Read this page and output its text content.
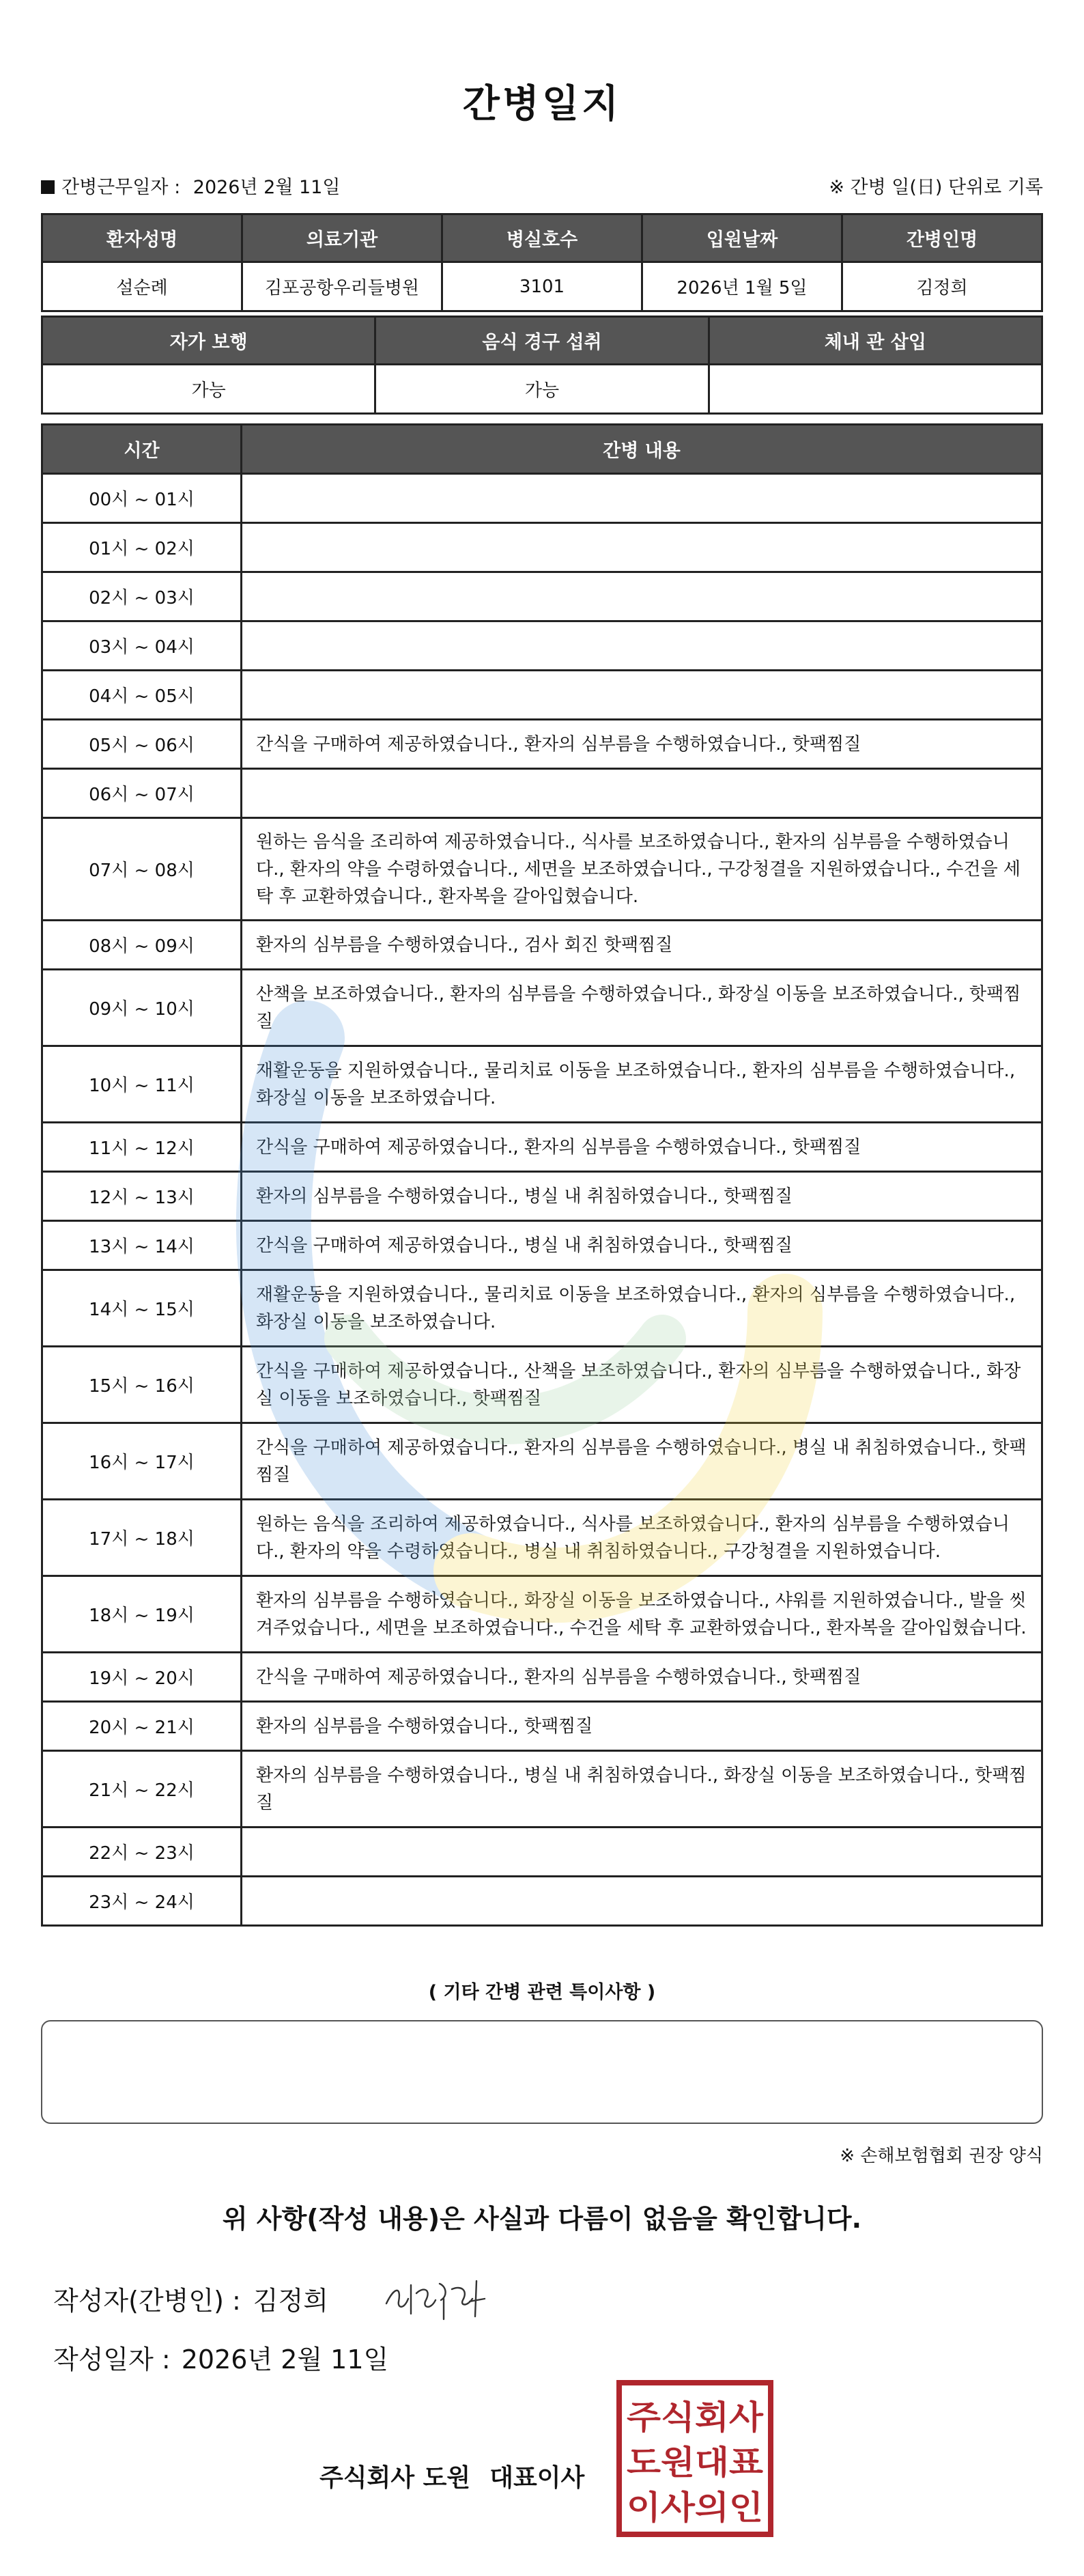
간병일지
간병근무일자 : 2026년 2월 11일	※ 간병 일(日) 단위로 기록
환자성명	의료기관	병실호수	입원날짜	간병인명
설순례	김포공항우리들병원	3101	2026년 1월 5일	김정희
자가 보행	음식 경구 섭취	체내 관 삽입
가능	가능	
시간	간병 내용
00시 ~ 01시	
01시 ~ 02시	
02시 ~ 03시	
03시 ~ 04시	
04시 ~ 05시	
05시 ~ 06시	간식을 구매하여 제공하였습니다., 환자의 심부름을 수행하였습니다., 핫팩찜질
06시 ~ 07시	
07시 ~ 08시	원하는 음식을 조리하여 제공하였습니다., 식사를 보조하였습니다., 환자의 심부름을 수행하였습니다., 환자의 약을 수령하였습니다., 세면을 보조하였습니다., 구강청결을 지원하였습니다., 수건을 세탁 후 교환하였습니다., 환자복을 갈아입혔습니다.
08시 ~ 09시	환자의 심부름을 수행하였습니다., 검사 회진 핫팩찜질
09시 ~ 10시	산책을 보조하였습니다., 환자의 심부름을 수행하였습니다., 화장실 이동을 보조하였습니다., 핫팩찜질
10시 ~ 11시	재활운동을 지원하였습니다., 물리치료 이동을 보조하였습니다., 환자의 심부름을 수행하였습니다., 화장실 이동을 보조하였습니다.
11시 ~ 12시	간식을 구매하여 제공하였습니다., 환자의 심부름을 수행하였습니다., 핫팩찜질
12시 ~ 13시	환자의 심부름을 수행하였습니다., 병실 내 취침하였습니다., 핫팩찜질
13시 ~ 14시	간식을 구매하여 제공하였습니다., 병실 내 취침하였습니다., 핫팩찜질
14시 ~ 15시	재활운동을 지원하였습니다., 물리치료 이동을 보조하였습니다., 환자의 심부름을 수행하였습니다., 화장실 이동을 보조하였습니다.
15시 ~ 16시	간식을 구매하여 제공하였습니다., 산책을 보조하였습니다., 환자의 심부름을 수행하였습니다., 화장실 이동을 보조하였습니다., 핫팩찜질
16시 ~ 17시	간식을 구매하여 제공하였습니다., 환자의 심부름을 수행하였습니다., 병실 내 취침하였습니다., 핫팩찜질
17시 ~ 18시	원하는 음식을 조리하여 제공하였습니다., 식사를 보조하였습니다., 환자의 심부름을 수행하였습니다., 환자의 약을 수령하였습니다., 병실 내 취침하였습니다., 구강청결을 지원하였습니다.
18시 ~ 19시	환자의 심부름을 수행하였습니다., 화장실 이동을 보조하였습니다., 샤워를 지원하였습니다., 발을 씻겨주었습니다., 세면을 보조하였습니다., 수건을 세탁 후 교환하였습니다., 환자복을 갈아입혔습니다.
19시 ~ 20시	간식을 구매하여 제공하였습니다., 환자의 심부름을 수행하였습니다., 핫팩찜질
20시 ~ 21시	환자의 심부름을 수행하였습니다., 핫팩찜질
21시 ~ 22시	환자의 심부름을 수행하였습니다., 병실 내 취침하였습니다., 화장실 이동을 보조하였습니다., 핫팩찜질
22시 ~ 23시	
23시 ~ 24시	
( 기타 간병 관련 특이사항 )
※ 손해보험협회 권장 양식
위 사항(작성 내용)은 사실과 다름이 없음을 확인합니다.
작성자(간병인) : 김정희
작성일자 : 2026년 2월 11일
주식회사 도원 대표이사
주식회사
도원대표
이사의인
